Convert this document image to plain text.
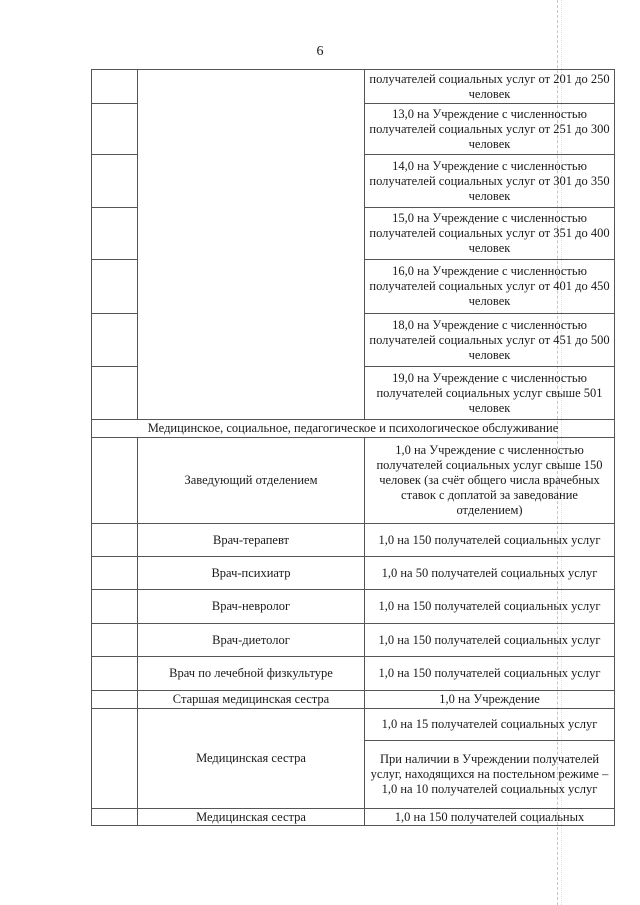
6
		получателей социальных услуг от 201 до 250 человек
		13,0 на Учреждение с численностью получателей социальных услуг от 251 до 300 человек
		14,0 на Учреждение с численностью получателей социальных услуг от 301 до 350 человек
		15,0 на Учреждение с численностью получателей социальных услуг от 351 до 400 человек
		16,0 на Учреждение с численностью получателей социальных услуг от 401 до 450 человек
		18,0 на Учреждение с численностью получателей социальных услуг от 451 до 500 человек
		19,0 на Учреждение с численностью получателей социальных услуг свыше 501 человек
Медицинское, социальное, педагогическое и психологическое обслуживание		
	Заведующий отделением	1,0 на Учреждение с численностью получателей социальных услуг свыше 150 человек (за счёт общего числа врачебных ставок с доплатой за заведование отделением)
	Врач-терапевт	1,0 на 150 получателей социальных услуг
	Врач-психиатр	1,0 на 50 получателей социальных услуг
	Врач-невролог	1,0 на 150 получателей социальных услуг
	Врач-диетолог	1,0 на 150 получателей социальных услуг
	Врач по лечебной физкультуре	1,0 на 150 получателей социальных услуг
	Старшая медицинская сестра	1,0 на Учреждение
	Медицинская сестра	1,0 на 15 получателей социальных услуг
		При наличии в Учреждении получателей услуг, находящихся на постельном режиме – 1,0 на 10 получателей социальных услуг
	Медицинская сестра	1,0 на 150 получателей социальных
